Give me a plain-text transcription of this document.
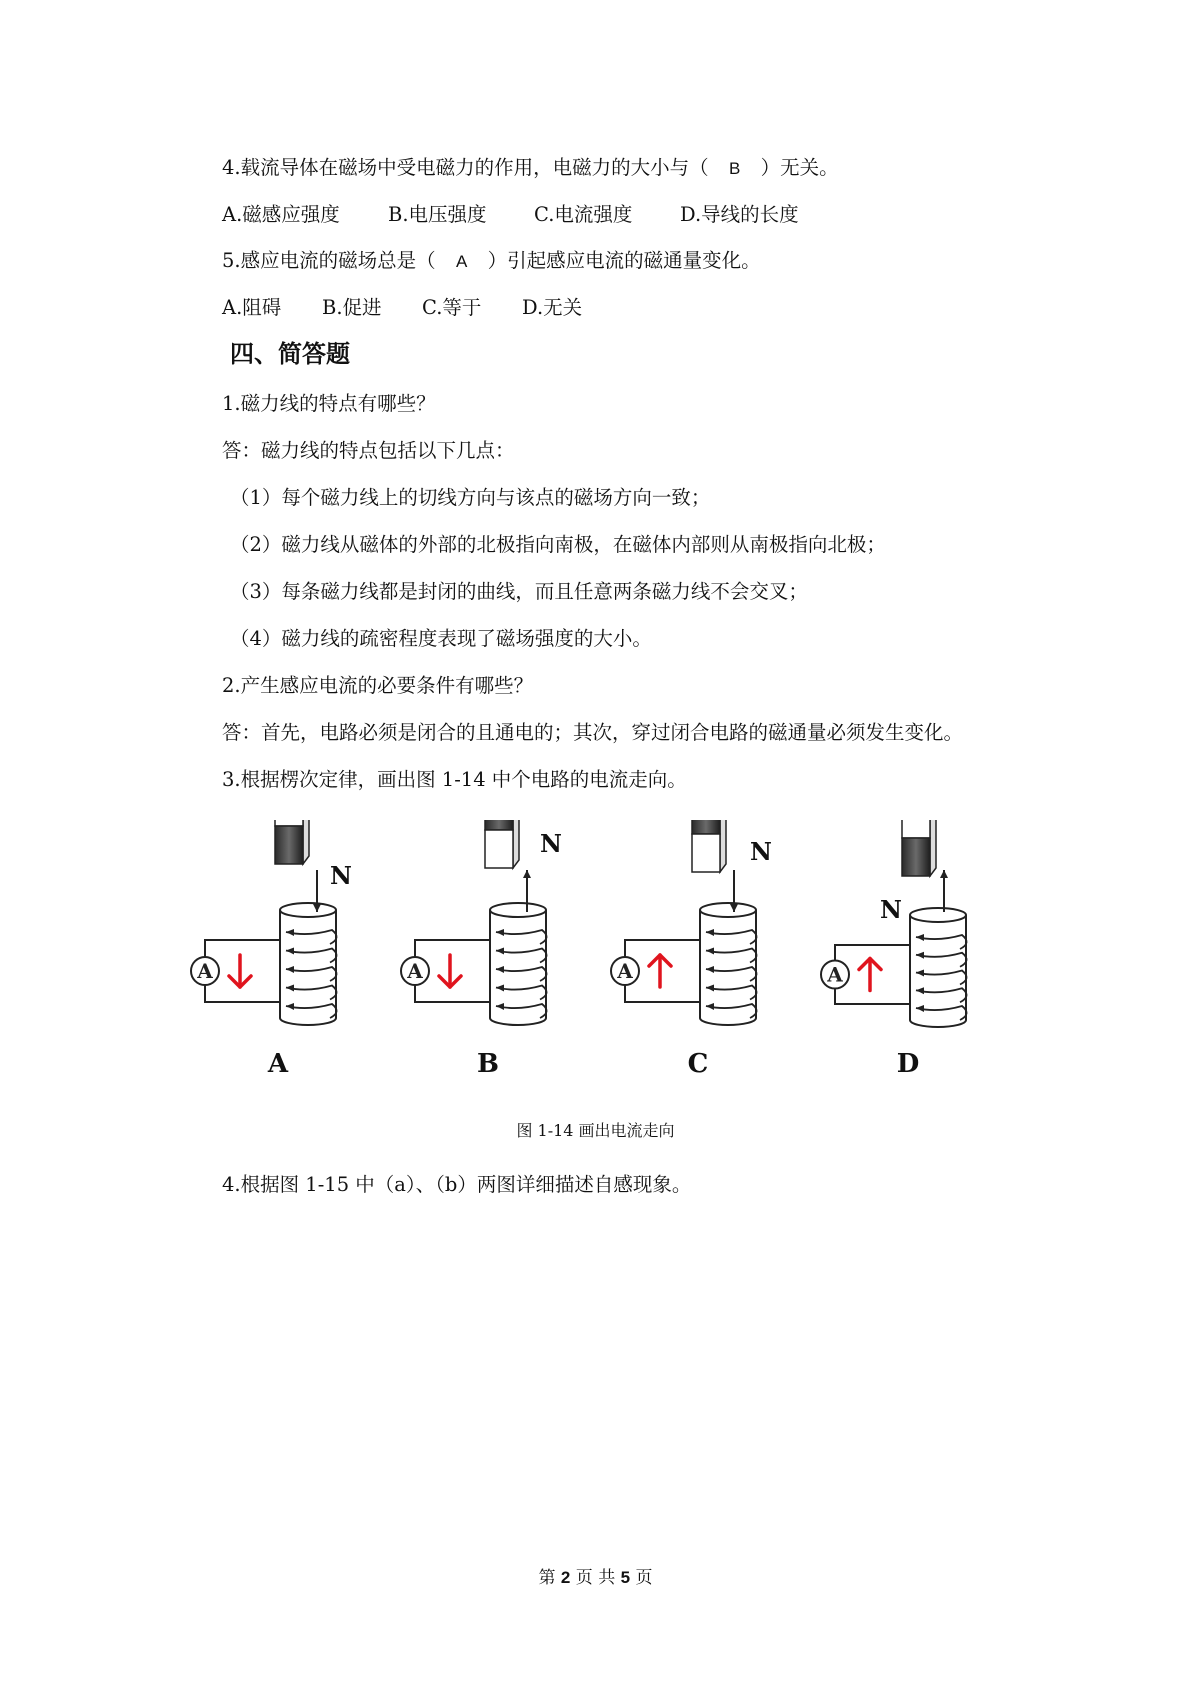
4.载流导体在磁场中受电磁力的作用，电磁力的大小与（ B ）无关。
A.磁感应强度 B.电压强度 C.电流强度 D.导线的长度
5.感应电流的磁场总是（ A ）引起感应电流的磁通量变化。
A.阻碍 B.促进 C.等于 D.无关
四、简答题
1.磁力线的特点有哪些？
答：磁力线的特点包括以下几点：
（1）每个磁力线上的切线方向与该点的磁场方向一致；
（2）磁力线从磁体的外部的北极指向南极，在磁体内部则从南极指向北极；
（3）每条磁力线都是封闭的曲线，而且任意两条磁力线不会交叉；
（4）磁力线的疏密程度表现了磁场强度的大小。
2.产生感应电流的必要条件有哪些？
答：首先，电路必须是闭合的且通电的；其次，穿过闭合电路的磁通量必须发生变化。
3.根据楞次定律，画出图 1-14 中个电路的电流走向。
A
N
A
A
N
B
A
N
C
A
N
D
图 1-14 画出电流走向
4.根据图 1-15 中（a）、（b）两图详细描述自感现象。
第 2 页 共 5 页
